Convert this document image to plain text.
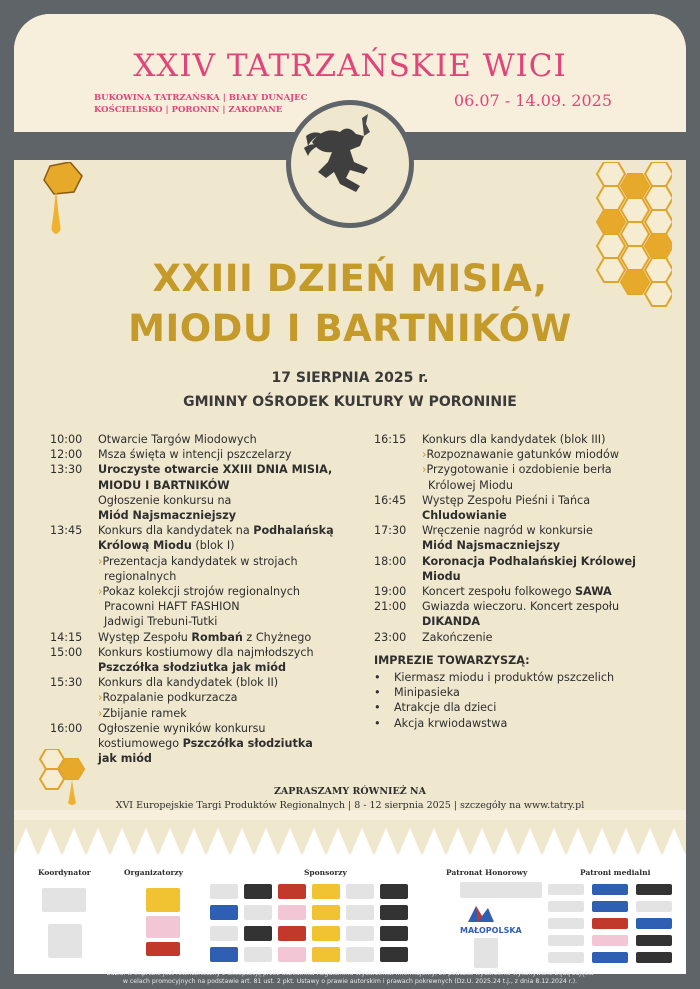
XXIV TATRZAŃSKIE WICI
BUKOWINA TATRZAŃSKA | BIAŁY DUNAJEC
KOŚCIELISKO | PORONIN | ZAKOPANE	06.07 - 14.09. 2025
XXIII DZIEŃ MISIA,
MIODU I BARTNIKÓW
17 SIERPNIA 2025 r.
GMINNY OŚRODEK KULTURY W PORONINIE
10:00	Otwarcie Targów Miodowych
12:00	Msza święta w intencji pszczelarzy
13:30	Uroczyste otwarcie XXIII DNIA MISIA,
MIODU I BARTNIKÓW
Ogłoszenie konkursu na
Miód Najsmaczniejszy
13:45	Konkurs dla kandydatek na Podhalańską
Królową Miodu (blok I)
›Prezentacja kandydatek w strojach
regionalnych
›Pokaz kolekcji strojów regionalnych
Pracowni HAFT FASHION
Jadwigi Trebuni-Tutki
14:15	Występ Zespołu Rombań z Chyżnego
15:00	Konkurs kostiumowy dla najmłodszych
Pszczółka słodziutka jak miód
15:30	Konkurs dla kandydatek (blok II)
›Rozpalanie podkurzacza
›Zbijanie ramek
16:00	Ogłoszenie wyników konkursu
kostiumowego Pszczółka słodziutka
jak miód
16:15	Konkurs dla kandydatek (blok III)
›Rozpoznawanie gatunków miodów
›Przygotowanie i ozdobienie berła
Królowej Miodu
16:45	Występ Zespołu Pieśni i Tańca
Chludowianie
17:30	Wręczenie nagród w konkursie
Miód Najsmaczniejszy
18:00	Koronacja Podhalańskiej Królowej Miodu
19:00	Koncert zespołu folkowego SAWA
21:00	Gwiazda wieczoru. Koncert zespołu
DIKANDA
23:00	Zakończenie
IMPREZIE TOWARZYSZĄ:
•	Kiermasz miodu i produktów pszczelich
•	Minipasieka
•	Atrakcje dla dzieci
•	Akcja krwiodawstwa
ZAPRASZAMY RÓWNIEŻ NA
XVI Europejskie Targi Produktów Regionalnych | 8 - 12 sierpnia 2025 | szczegóły na www.tatry.pl
Koordynator	Organizatorzy	Sponsorzy	Patronat Honorowy	Patroni medialni
MAŁOPOLSKA
Udział w imprezie jest równoznaczny z akceptacją przez uczestnika Regulaminu Wydarzenia. Informujemy, że podczas wydarzenia wykonywane będą zdjęcia
w celach promocyjnych na podstawie art. 81 ust. 2 pkt. Ustawy o prawie autorskim i prawach pokrewnych (Dz.U. 2025.24 t.j., z dnia 8.12.2024 r.).
